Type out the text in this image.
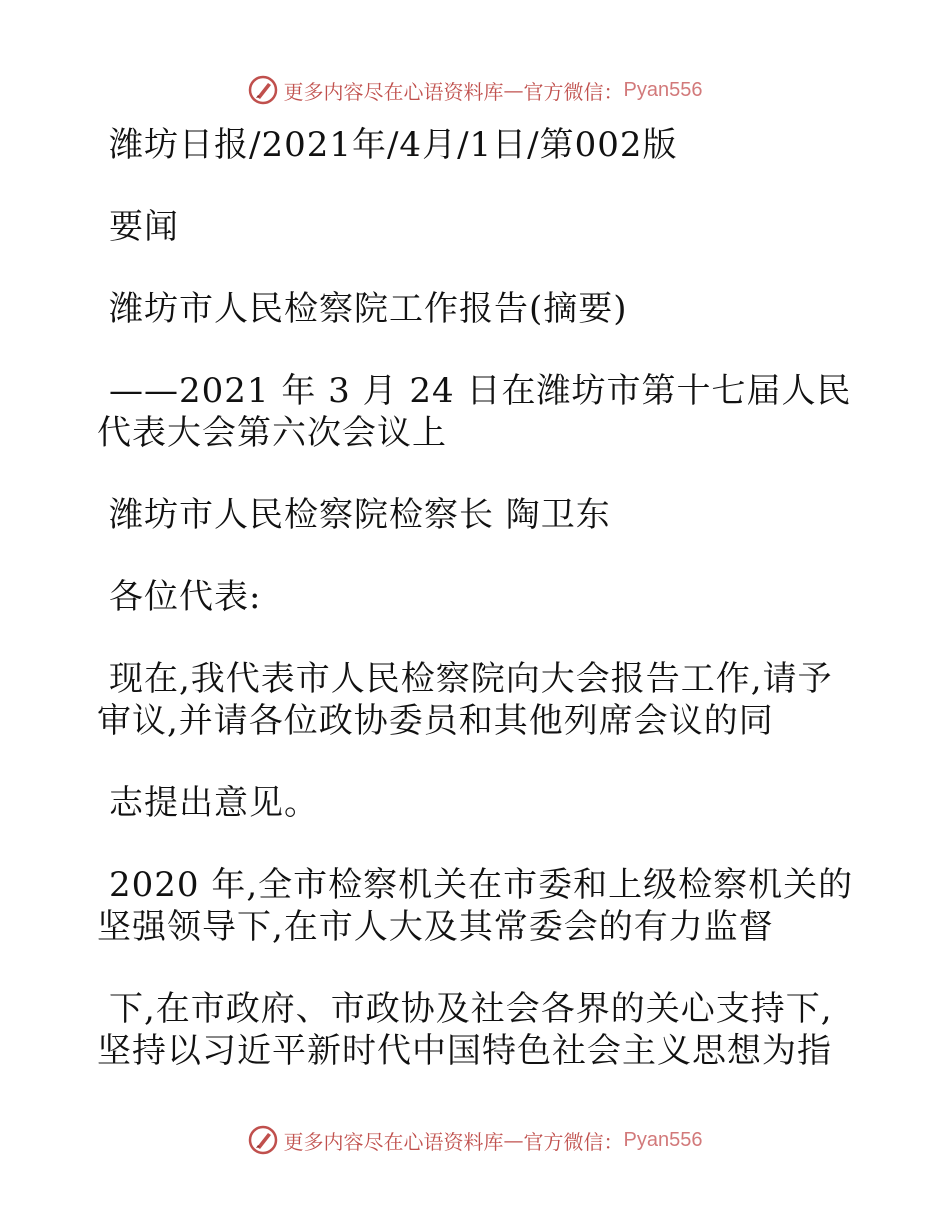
更多内容尽在心语资料库 — 官方微信： Pyan556

潍坊日报/2021年/4月/1日/第002版

要闻

潍坊市人民检察院工作报告(摘要)

——2021 年 3 月 24 日在潍坊市第十七届人民
代表大会第六次会议上

潍坊市人民检察院检察长 陶卫东

各位代表:

现在,我代表市人民检察院向大会报告工作,请予
审议,并请各位政协委员和其他列席会议的同

志提出意见。

2020 年,全市检察机关在市委和上级检察机关的
坚强领导下,在市人大及其常委会的有力监督

下,在市政府、市政协及社会各界的关心支持下,
坚持以习近平新时代中国特色社会主义思想为指

更多内容尽在心语资料库 — 官方微信： Pyan556
